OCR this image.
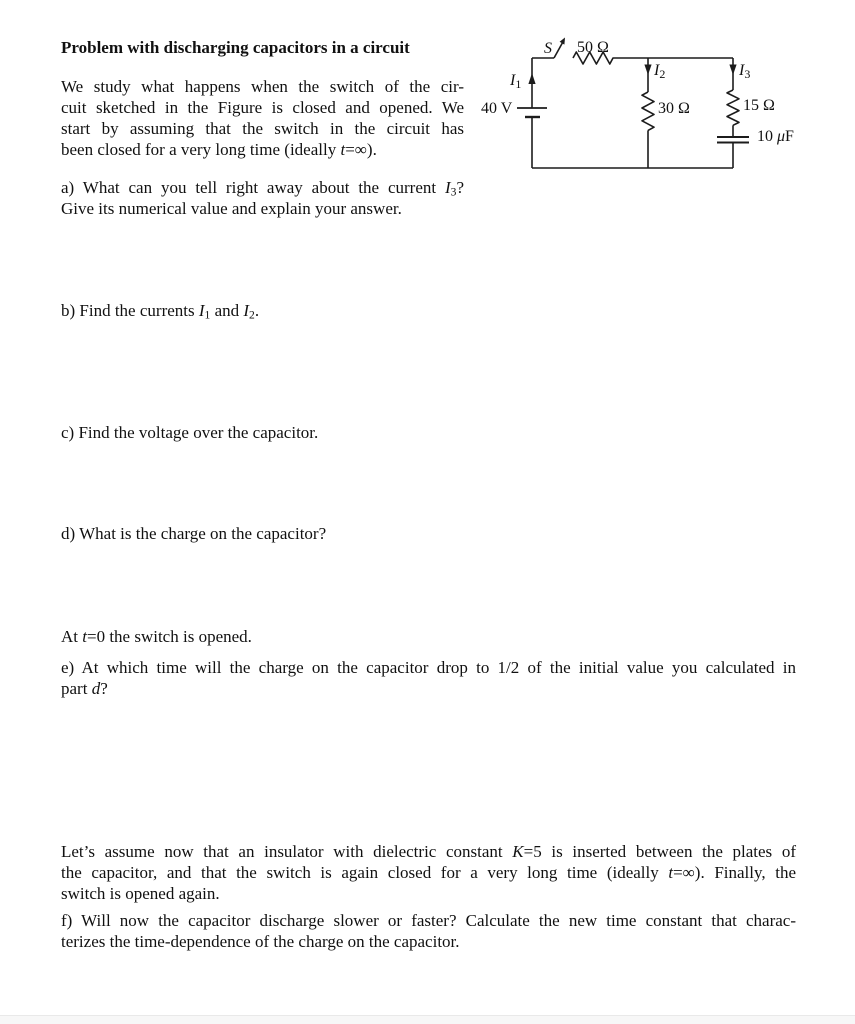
Problem with discharging capacitors in a circuit
We study what happens when the switch of the cir-
cuit sketched in the Figure is closed and opened. We
start by assuming that the switch in the circuit has
been closed for a very long time (ideally t=∞).
a) What can you tell right away about the current $I_3$?
Give its numerical value and explain your answer.
b) Find the currents $I_1$ and $I_2$.
c) Find the voltage over the capacitor.
d) What is the charge on the capacitor?
At t=0 the switch is opened.
e) At which time will the charge on the capacitor drop to 1/2 of the initial value you calculated in
part d?
Let’s assume now that an insulator with dielectric constant K=5 is inserted between the plates of
the capacitor, and that the switch is again closed for a very long time (ideally t=∞). Finally, the
switch is opened again.
f) Will now the capacitor discharge slower or faster? Calculate the new time constant that charac-
terizes the time-dependence of the charge on the capacitor.
S 50 Ω
I1
40 V
I2
30 Ω
I3
15 Ω
10 μF
